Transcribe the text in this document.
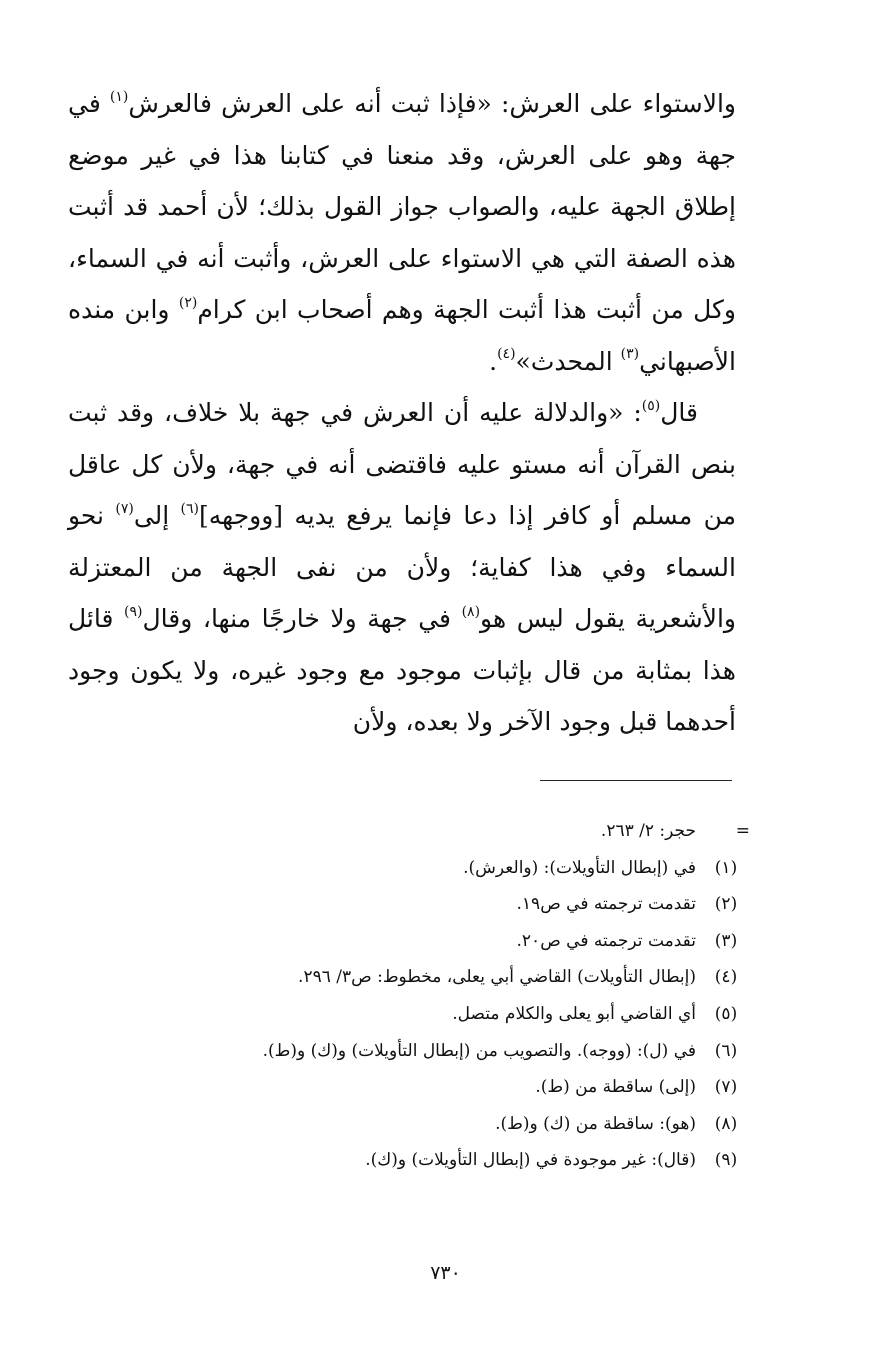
والاستواء على العرش: «فإذا ثبت أنه على العرش فالعرش$^{(١)}$ في جهة وهو على العرش، وقد منعنا في كتابنا هذا في غير موضع إطلاق الجهة عليه، والصواب جواز القول بذلك؛ لأن أحمد قد أثبت هذه الصفة التي هي الاستواء على العرش، وأثبت أنه في السماء، وكل من أثبت هذا أثبت الجهة وهم أصحاب ابن كرام$^{(٢)}$ وابن منده الأصبهاني$^{(٣)}$ المحدث»$^{(٤)}$.

قال$^{(٥)}$: «والدلالة عليه أن العرش في جهة بلا خلاف، وقد ثبت بنص القرآن أنه مستو عليه فاقتضى أنه في جهة، ولأن كل عاقل من مسلم أو كافر إذا دعا فإنما يرفع يديه [ووجهه]$^{(٦)}$ إلى$^{(٧)}$ نحو السماء وفي هذا كفاية؛ ولأن من نفى الجهة من المعتزلة والأشعرية يقول ليس هو$^{(٨)}$ في جهة ولا خارجًا منها، وقال$^{(٩)}$ قائل هذا بمثابة من قال بإثبات موجود مع وجود غيره، ولا يكون وجود أحدهما قبل وجود الآخر ولا بعده، ولأن

=حجر: ٢/ ٢٦٣.
(١)في (إبطال التأويلات): (والعرش).
(٢)تقدمت ترجمته في ص١٩.
(٣)تقدمت ترجمته في ص٢٠.
(٤)(إبطال التأويلات) القاضي أبي يعلى، مخطوط: ص٣/ ٢٩٦.
(٥)أي القاضي أبو يعلى والكلام متصل.
(٦)في (ل): (ووجه). والتصويب من (إبطال التأويلات) و(ك) و(ط).
(٧)(إلى) ساقطة من (ط).
(٨)(هو): ساقطة من (ك) و(ط).
(٩)(قال): غير موجودة في (إبطال التأويلات) و(ك).
٧٣٠
